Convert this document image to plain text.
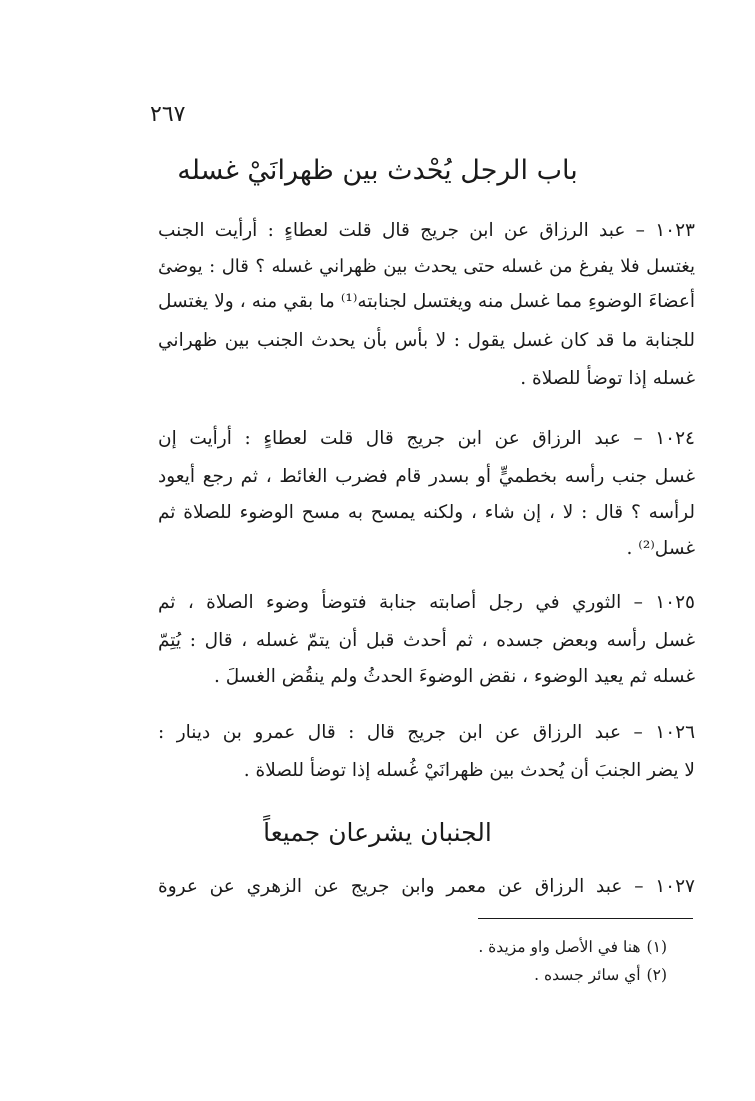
٢٦٧
باب الرجل يُحْدث بين ظهرانَيْ غسله
١٠٢٣ – عبد الرزاق عن ابن جريج قال قلت لعطاءٍ : أرأيت الجنب
يغتسل فلا يفرغ من غسله حتى يحدث بين ظهراني غسله ؟ قال : يوضئ
أعضاءَ الوضوءِ مما غسل منه ويغتسل لجنابته⁽¹⁾ ما بقي منه ، ولا يغتسل
للجنابة ما قد كان غسل يقول : لا بأس بأن يحدث الجنب بين ظهراني
غسله إذا توضأ للصلاة .
١٠٢٤ – عبد الرزاق عن ابن جريج قال قلت لعطاءٍ : أرأيت إن
غسل جنب رأسه بخطميٍّ أو بسدر قام فضرب الغائط ، ثم رجع أيعود
لرأسه ؟ قال : لا ، إن شاء ، ولكنه يمسح به مسح الوضوء للصلاة ثم
غسل⁽²⁾ .
١٠٢٥ – الثوري في رجل أصابته جنابة فتوضأ وضوء الصلاة ، ثم
غسل رأسه وبعض جسده ، ثم أحدث قبل أن يتمّ غسله ، قال : يُتِمّ
غسله ثم يعيد الوضوء ، نقض الوضوءَ الحدثُ ولم ينقُض الغسلَ .
١٠٢٦ – عبد الرزاق عن ابن جريج قال : قال عمرو بن دينار :
لا يضر الجنبَ أن يُحدث بين ظهرانَيْ غُسله إذا توضأ للصلاة .
الجنبان يشرعان جميعاً
١٠٢٧ – عبد الرزاق عن معمر وابن جريج عن الزهري عن عروة
(١)هنا في الأصل واو مزيدة .
(٢)أي سائر جسده .
